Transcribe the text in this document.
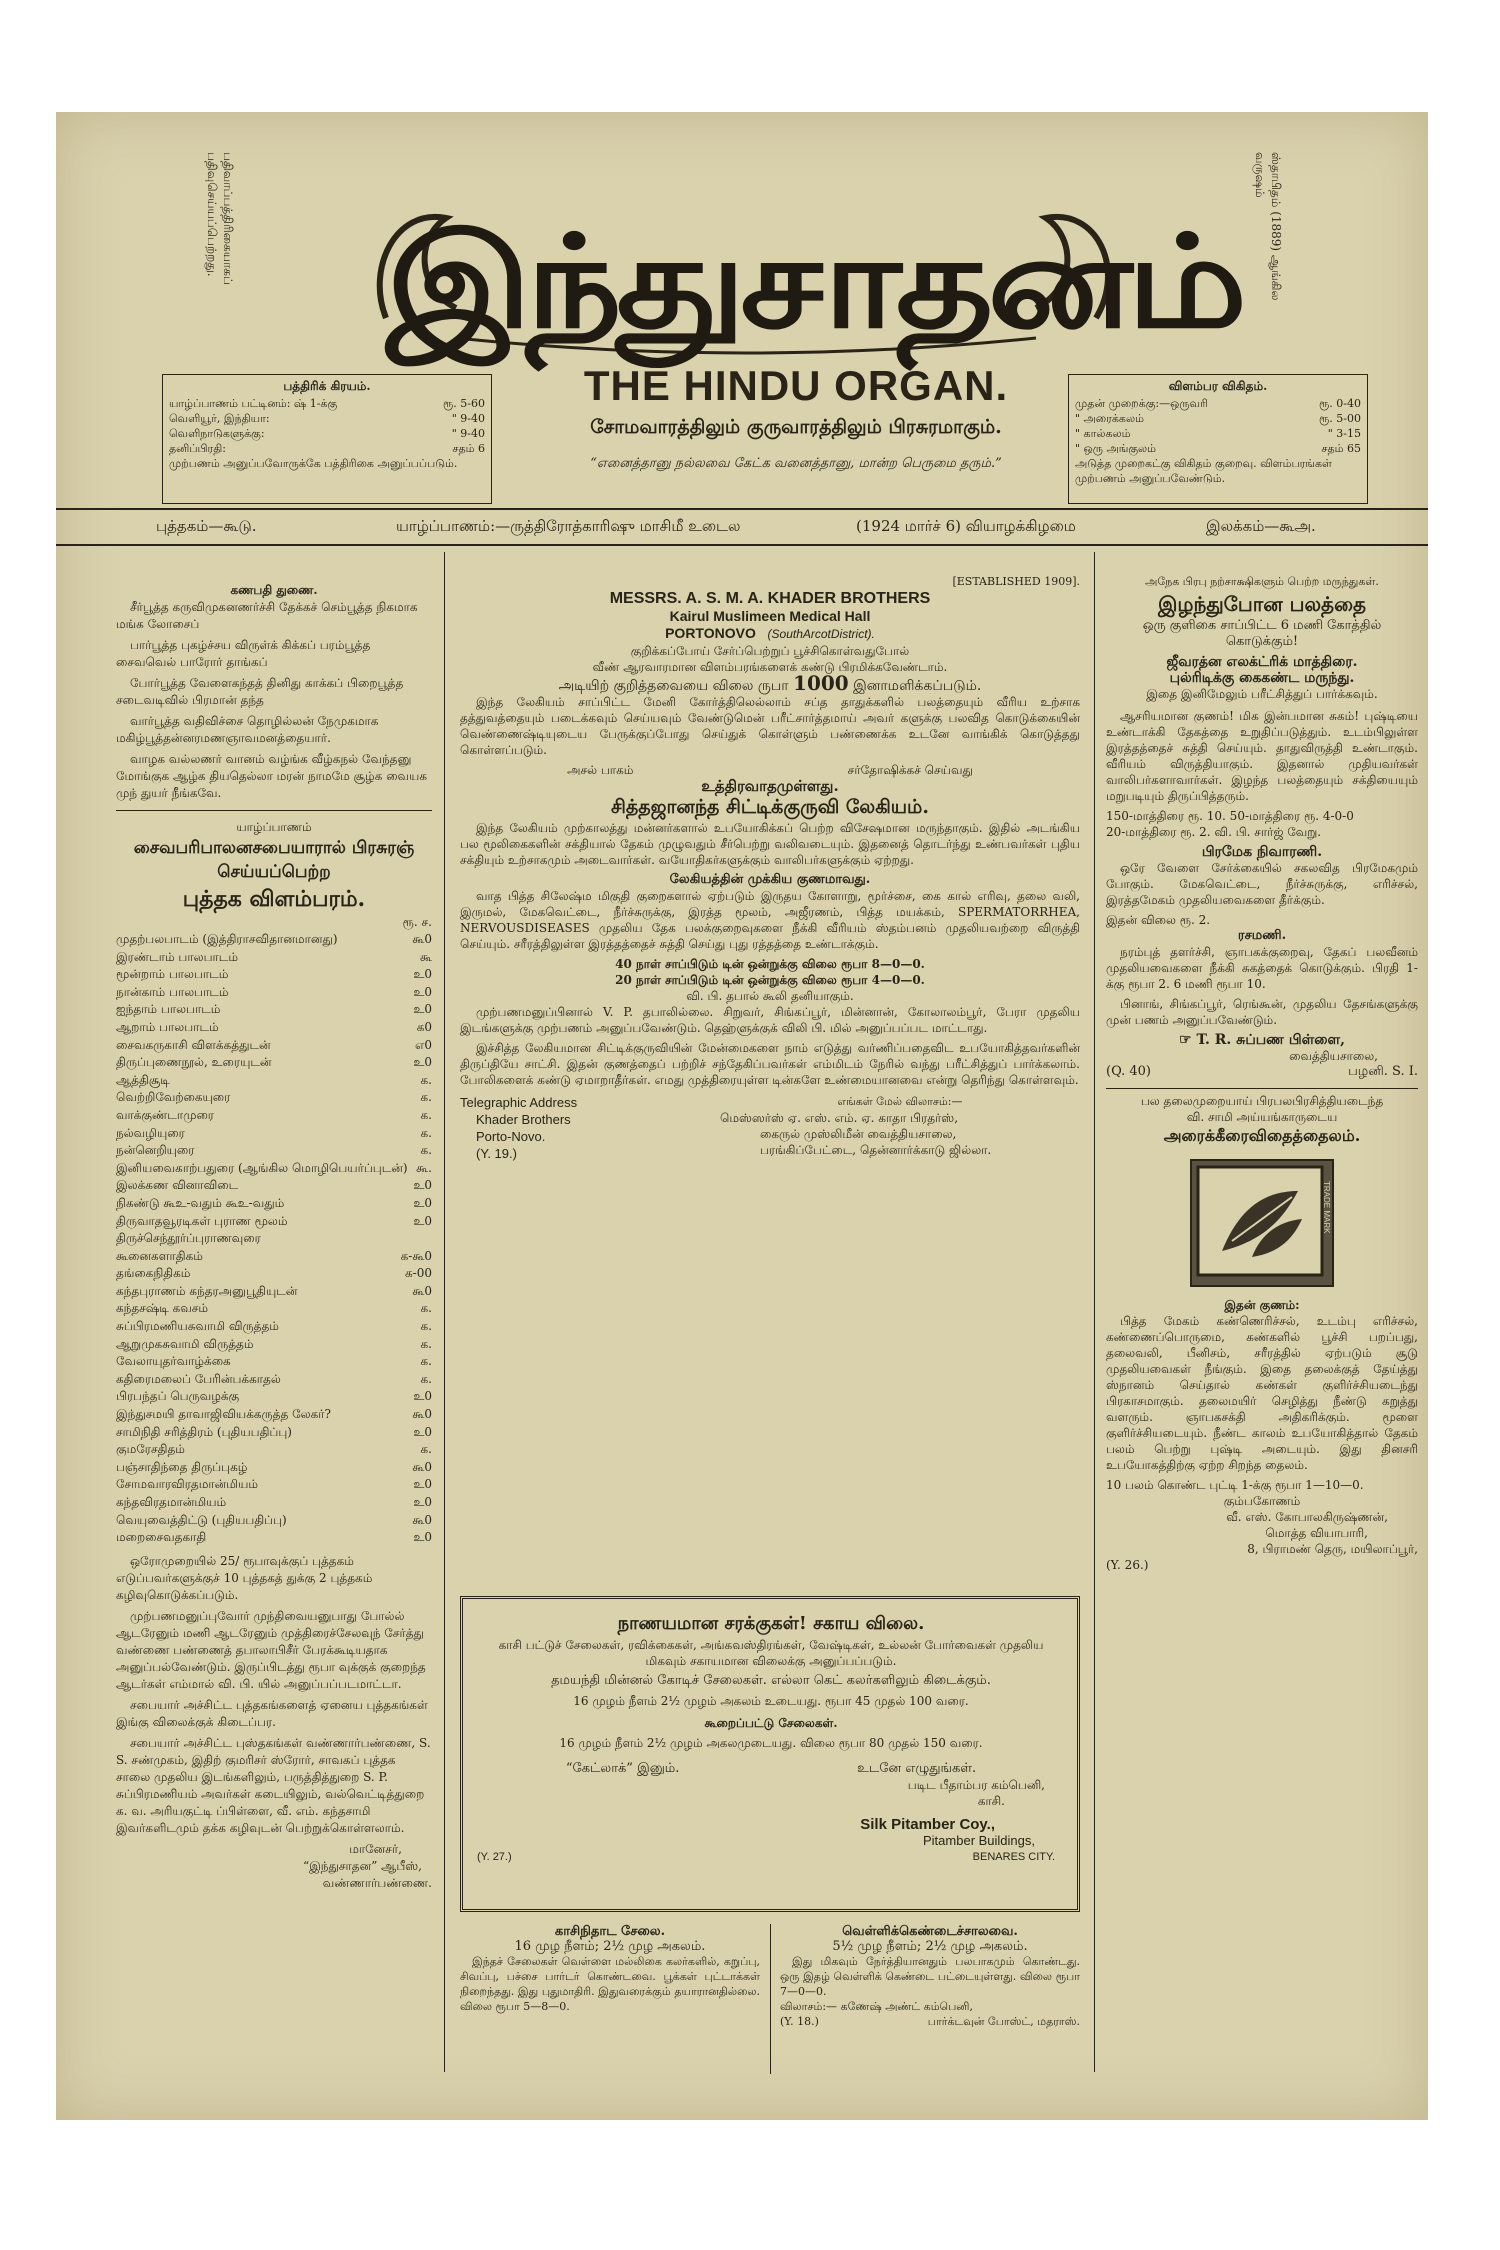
பதிவாப்பத்திரிகையாகப் பதிவுசெய்யப்பெற்றது.	ஸ்தாபிதம் (1889) ஆங்கில வருஷம்
இந்துசாதனம்
THE HINDU ORGAN.
சோமவாரத்திலும் குருவாரத்திலும் பிரசுரமாகும்.
“எனைத்தானு நல்லவை கேட்க வனைத்தானு, மான்ற பெருமை தரும்.”
பத்திரிக் கிரயம்.
யாழ்ப்பாணம் பட்டினம்: ஷ் 1-க்கு	ரூ. 5-60
வெளியூர், இந்தியா:	" 9-40
வெளிநாடுகளுக்கு:	" 9-40
தனிப்பிரதி:	சதம் 6
முற்பணம் அனுப்பவோருக்கே பத்திரிகை அனுப்பப்படும்.
விளம்பர விகிதம்.
முதன் முறைக்கு:—ஒருவரி	ரூ. 0-40
" அரைக்கலம்	ரூ. 5-00
" கால்கலம்	" 3-15
" ஒரு அங்குலம்	சதம் 65
அடுத்த முறைகட்கு விகிதம் குறைவு. விளம்பரங்கள் முற்பணம் அனுப்பவேண்டும்.
புத்தகம்—கூடு.	யாழ்ப்பாணம்:—ருத்திரோத்காரிஷு மாசிமீ உடைல	(1924 மார்ச் 6) வியாழக்கிழமை	இலக்கம்—கூஅ.
கணபதி துணை.

சீர்பூத்த கருவிமுகனணர்ச்சி தேக்கச் செம்பூத்த நிகமாக மங்க லோசைப்

பார்பூத்த புகழ்ச்சய விருள்க் கிக்கப் பரம்பூத்த சைவவெல் பாரோர் தாங்கப்

போர்பூத்த வேளைகந்தத் தினிது காக்கப் பிறைபூத்த சடைவடிவில் பிரமான் தந்த

வார்பூத்த வதிவிச்சை தொழில்லன் நேமுகமாக மகிழ்பூத்தன்னரமணஞாவமனத்தையார்.

வாழக வல்லணர் வானம் வழ்ங்க வீழ்கநல் வேந்தனு மோங்குக ஆழ்க தியதெல்லா மரன் நாமமே சூழ்க வையக முந் துயர் நீங்கவே.

யாழ்ப்பாணம்
சைவபரிபாலனசபையாரால் பிரசுரஞ் செய்யப்பெற்ற
புத்தக விளம்பரம்.
ரூ. ச.
முதற்பலபாடம் (இத்திராசவிதானமானது)	கூ0
இரண்டாம் பாலபாடம்	கூ
மூன்றாம் பாலபாடம்	உ0
நான்காம் பாலபாடம்	உ0
ஐந்தாம் பாலபாடம்	உ0
ஆறாம் பாலபாடம்	க0
சைவகருகாசி விளக்கத்துடன்	எ0
திருப்புணைநூல், உரையுடன்	உ0
ஆத்திசூடி	க.
வெற்றிவேற்கையுரை	க.
வாக்குண்டாமுரை	க.
நல்வழியுரை	க.
நன்னெறியுரை	க.
இனியவைகாற்பதுரை (ஆங்கில மொழிபெயர்ப்புடன்) கூ.
இலக்கண வினாவிடை	உ0
நிகண்டு கூஉ-வதும் கூஉ-வதும்	உ0
திருவாதவூரடிகள் புராண மூலம்	உ0
திருச்செந்தூர்ப்புராணவுரை
கூனைகளாதிகம்	க-கூ0
தங்கைநிதிகம்	க-00
கந்தபுராணம் கந்தரஅனுபூதியுடன்	கூ0
கந்தசஷ்டி கவசம்	க.
சுப்பிரமணியசுவாமி விருத்தம்	க.
ஆறுமுகசுவாமி விருத்தம்	க.
வேலாயுதர்வாழ்க்கை	க.
கதிரைமலைப் பேரின்பக்காதல்	க.
பிரபந்தப் பெருவழக்கு	உ0
இந்துசமயி தாவாஜிவியக்கருத்த லேகர்?	கூ0
சாமிநிதி சரித்திரம் (புதியபதிப்பு)	உ0
குமரேசதிதம்	க.
பஞ்சாதிந்தை திருப்புகழ்	கூ0
சோமவாரவிரதமான்மியம்	உ0
கந்தவிரதமான்மியம்	உ0
வெயுவைத்திட்டு (புதியபதிப்பு)	கூ0
மறைசைவதகாதி	உ0

ஒரோமுறையில் 25/ ரூபாவுக்குப் புத்தகம் எடுப்பவர்களுக்குச் 10 புத்தகத் துக்கு 2 புத்தகம் கழிவுகொடுக்கப்படும்.

முற்பணமனுப்புவோர் முந்திவையனுபாது போல்ல் ஆடரேனும் மணி ஆடரேனும் முத்திரைச்சேலவுந் சேர்த்து வண்ணை பண்ணைத் தபாலாபிசீர் பேரக்கூடியதாக அனுப்பல்வேண்டும். இருப்பிடத்து ரூபா வுக்குக் குறைந்த ஆடர்கள் எம்மால் வி. பி. யில் அனுப்பப்படமாட்டா.

சபையார் அச்சிட்ட புத்தகங்களைத் ஏனைய புத்தகங்கள் இங்கு விலைக்குக் கிடைப்பர.

சபையார் அச்சிட்ட புஸ்தகங்கள் வண்ணார்பண்ணை, S. S. சண்முகம், இதிற் குமரிசர் ஸ்ரோர், சாவகப் புத்தக சாலை முதலிய இடங்களிலும், பருத்தித்துறை S. P. சுப்பிரமணியம் அவர்கள் கடையிலும், வல்வெட்டித்துறை க. வ. அரியகுட்டி ப்பிள்ளை, வீ. எம். கந்தசாமி இவர்களிடமும் தக்க கழிவுடன் பெற்றுக்கொள்ளலாம்.

மானேசர்,
“இந்துசாதன” ஆபீஸ்,
வண்ணார்பண்ணை.
[ESTABLISHED 1909].
MESSRS. A. S. M. A. KHADER BROTHERS
Kairul Muslimeen Medical Hall
PORTONOVO (SouthArcotDistrict).
குறிக்கப்போய் சேர்ப்பெற்றுப் பூச்சிகொள்வதுபோல்
வீண் ஆரவாரமான விளம்பரங்களைக் கண்டு பிரமிக்கவேண்டாம்.
அடியிற் குறித்தவையை விலை ருபா 1000 இனாமளிக்கப்படும்.

இந்த லேகியம் சாப்பிட்ட மேனி கோர்த்திலெல்லாம் சப்த தாதுக்களில் பலத்தையும் வீரிய உற்சாக தத்துவத்தையும் படைக்கவும் செய்யவும் வேண்டுமென் பரீட்சார்த்தமாய் அவர் களுக்கு பலவித கொடுக்கையின் வெண்ணைஷ்டியுடைய பேருக்குப்போது செய்துக் கொள்ளும் பண்ணைக்க உடனே வாங்கிக் கொடுத்தது கொள்ளப்படும்.

அசல் பாகம்	சர்தோஷிக்கச் செய்வது
உத்திரவாதமுள்ளது.
சித்தஜானந்த சிட்டிக்குருவி லேகியம்.

இந்த லேகியம் முற்காலத்து மன்னர்களால் உபயோகிக்கப் பெற்ற விசேஷமான மருந்தாகும். இதில் அடங்கிய பல மூலிகைகளின் சக்தியால் தேகம் முழுவதும் சீர்பெற்று வலிவடையும். இதனைத் தொடர்ந்து உண்பவர்கள் புதிய சக்தியும் உற்சாகமும் அடைவார்கள். வயோதிகர்களுக்கும் வாலிபர்களுக்கும் ஏற்றது.

லேகியத்தின் முக்கிய குணமாவது.

வாத பித்த சிலேஷ்ம மிகுதி குறைகளால் ஏற்படும் இருதய கோளாறு, மூர்ச்சை, கை கால் எரிவு, தலை வலி, இருமல், மேகவெட்டை, நீர்ச்சுருக்கு, இரத்த மூலம், அஜீரணம், பித்த மயக்கம், SPERMATORRHEA, NERVOUSDISEASES முதலிய தேக பலக்குறைவுகளை நீக்கி வீரியம் ஸ்தம்பனம் முதலியவற்றை விருத்தி செய்யும். சரீரத்திலுள்ள இரத்தத்தைச் சுத்தி செய்து புது ரத்தத்தை உண்டாக்கும்.

40 நாள் சாப்பிடும் டின் ஒன்றுக்கு விலை ரூபா 8—0—0.
20 நாள் சாப்பிடும் டின் ஒன்றுக்கு விலை ரூபா 4—0—0.
வி. பி. தபால் கூலி தனியாகும்.

முற்பணமனுப்பினால் V. P. தபாலில்லை. சிறுவர், சிங்கப்பூர், மின்னான், கோலாலம்பூர், பேரா முதலிய இடங்களுக்கு முற்பணம் அனுப்பவேண்டும். தெஹ்ளுக்குக் விலி பி. மில் அனுப்பப்பட மாட்டாது.

இச்சித்த லேகியமான சிட்டிக்குருவியின் மேன்மைகளை நாம் எடுத்து வர்ணிப்பதைவிட உபயோகித்தவர்களின் திருப்தியே சாட்சி. இதன் குணத்தைப் பற்றிச் சந்தேகிப்பவர்கள் எம்மிடம் நேரில் வந்து பரீட்சித்துப் பார்க்கலாம். போலிகளைக் கண்டு ஏமாறாதீர்கள். எமது முத்திரையுள்ள டின்களே உண்மையானவை என்று தெரிந்து கொள்ளவும்.

Telegraphic Address
Khader Brothers
Porto-Novo.
(Y. 19.)
எங்கள் மேல் விலாசம்:—
மெஸ்ஸர்ஸ் ஏ. எஸ். எம். ஏ. காதா பிரதர்ஸ்,
கைருல் முஸ்லிமீன் வைத்தியசாலை,
பரங்கிப்பேட்டை, தென்னார்க்காடு ஜில்லா.
நாணயமான சரக்குகள்! சகாய விலை.
காசி பட்டுச் சேலைகள், ரவிக்கைகள், அங்கவஸ்திரங்கள், வேஷ்டிகள், உல்லன் போர்வைகள் முதலிய மிகவும் சகாயமான விலைக்கு அனுப்பப்படும்.
தமயந்தி மின்னல் கோடிச் சேலைகள். எல்லா கெட் கலர்களிலும் கிடைக்கும்.
16 முழம் நீளம் 2½ முழம் அகலம் உடையது. ரூபா 45 முதல் 100 வரை.
கூறைப்பட்டு சேலைகள்.
16 முழம் நீளம் 2½ முழம் அகலமுடையது. விலை ரூபா 80 முதல் 150 வரை.
“கேட்லாக்” இனும்.	உடனே எழுதுங்கள்.
படிட பீதாம்பர கம்பெனி,
காசி.
Silk Pitamber Coy.,
Pitamber Buildings,
(Y. 27.)	BENARES CITY.
காசிநிதாட சேலை.
16 முழ நீளம்; 2½ முழ அகலம்.
இந்தச் சேலைகள் வெள்ளை மல்லிகை கலர்களில், கறுப்பு, சிவப்பு, பச்சை பார்டர் கொண்டவை. பூக்கள் புட்டாக்கள் நிறைந்தது. இது புதுமாதிரி. இதுவரைக்கும் தயாரானதில்லை. விலை ரூபா 5—8—0.
வெள்ளிக்கெண்டைச்சாலவை.
5½ முழ நீளம்; 2½ முழ அகலம்.
இது மிகவும் நேர்த்தியானதும் பலபாகமும் கொண்டது. ஒரு இதழ் வெள்ளிக் கெண்டை பட்டையுள்ளது. விலை ரூபா 7—0—0.
விலாசம்:— கணேஷ் அண்ட் கம்பெனி,
(Y. 18.)	பார்க்டவுன் போஸ்ட், மதராஸ்.
அநேக பிரபு நற்சாக்ஷிகளும் பெற்ற மருந்துகள்.
இழந்துபோன பலத்தை
ஒரு குளிகை சாப்பிட்ட 6 மணி கோத்தில் கொடுக்கும்!
ஜீவரத்ன எலக்ட்ரிக் மாத்திரை.
புல்ரிடிக்கு கைகண்ட மருந்து.
இதை இனிமேலும் பரீட்சித்துப் பார்க்கவும்.

ஆசரியமான குணம்! மிக இன்பமான சுகம்! புஷ்டியை உண்டாக்கி தேகத்தை உறுதிப்படுத்தும். உடம்பிலுள்ள இரத்தத்தைச் சுத்தி செய்யும். தாதுவிருத்தி உண்டாகும். வீரியம் விருத்தியாகும். இதனால் முதியவர்கள் வாலிபர்களாவார்கள். இழந்த பலத்தையும் சக்தியையும் மறுபடியும் திருப்பித்தரும்.

150-மாத்திரை ரூ. 10. 50-மாத்திரை ரூ. 4-0-0
20-மாத்திரை ரூ. 2. வி. பி. சார்ஜ் வேறு.
பிரமேக நிவாரணி.

ஒரே வேளை சேர்க்கையில் சகலவித பிரமேகமும் போகும். மேகவெட்டை, நீர்ச்சுருக்கு, எரிச்சல், இரத்தமேகம் முதலியவைகளை தீர்க்கும்.

இதன் விலை ரூ. 2.
ரசமணி.

நரம்புத் தளர்ச்சி, ஞாபகக்குறைவு, தேகப் பலவீனம் முதலியவைகளை நீக்கி சுகத்தைக் கொடுக்கும். பிரதி 1-க்கு ரூபா 2. 6 மணி ரூபா 10.

பினாங், சிங்கப்பூர், ரெங்கூன், முதலிய தேசங்களுக்கு முன் பணம் அனுப்பவேண்டும்.

☞ T. R. சுப்பண பிள்ளை,
வைத்தியசாலை,
(Q. 40)	பழனி. S. I.
பல தலைமுறையாய் பிரபலபிரசித்தியடைந்த
வி. சாமி அய்யங்காருடைய
அரைக்கீரைவிதைத்தைலம்.
TRADE MARK
இதன் குணம்:

பித்த மேகம் கண்ணெரிச்சல், உடம்பு எரிச்சல், கண்ணைப்பொருமை, கண்களில் பூச்சி பறப்பது, தலைவலி, பீனிசம், சரீரத்தில் ஏற்படும் சூடு முதலியவைகள் நீங்கும். இதை தலைக்குத் தேய்த்து ஸ்நானம் செய்தால் கண்கள் குளிர்ச்சியடைந்து பிரகாசமாகும். தலைமயிர் செழித்து நீண்டு கறுத்து வளரும். ஞாபகசக்தி அதிகரிக்கும். மூளை குளிர்ச்சியடையும். நீண்ட காலம் உபயோகித்தால் தேகம் பலம் பெற்று புஷ்டி அடையும். இது தினசரி உபயோகத்திற்கு ஏற்ற சிறந்த தைலம்.

10 பலம் கொண்ட புட்டி 1-க்கு ரூபா 1—10—0.
கும்பகோணம்
வீ. எஸ். கோபாலகிருஷ்ணன்,
மொத்த வியாபாரி,
8, பிராமண் தெரு, மயிலாப்பூர்,
(Y. 26.)
